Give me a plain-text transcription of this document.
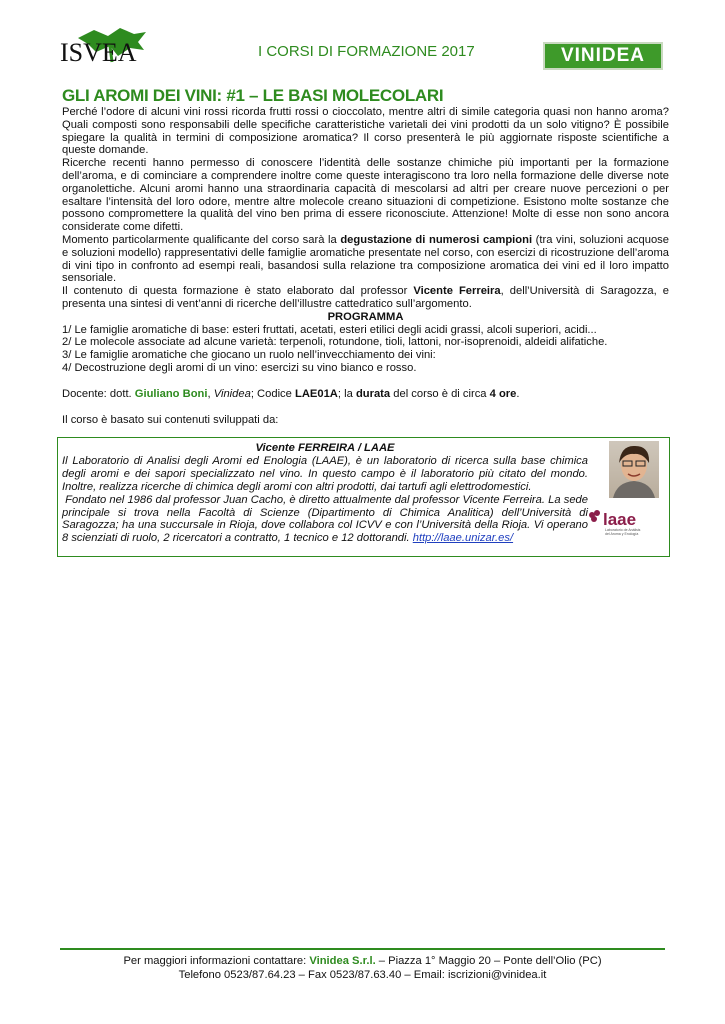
ISVEA	I CORSI DI FORMAZIONE 2017	VINIDEA
GLI AROMI DEI VINI: #1 – LE BASI MOLECOLARI

Perché l’odore di alcuni vini rossi ricorda frutti rossi o cioccolato, mentre altri di simile categoria quasi non hanno aroma? Quali composti sono responsabili delle specifiche caratteristiche varietali dei vini prodotti da un solo vitigno? È possibile spiegare la qualità in termini di composizione aromatica? Il corso presenterà le più aggiornate risposte scientifiche a queste domande.

Ricerche recenti hanno permesso di conoscere l’identità delle sostanze chimiche più importanti per la formazione dell’aroma, e di cominciare a comprendere inoltre come queste interagiscono tra loro nella formazione delle diverse note organolettiche. Alcuni aromi hanno una straordinaria capacità di mescolarsi ad altri per creare nuove percezioni o per esaltare l’intensità del loro odore, mentre altre molecole creano situazioni di competizione. Esistono molte sostanze che possono compromettere la qualità del vino ben prima di essere riconosciute. Attenzione! Molte di esse non sono ancora considerate come difetti.

Momento particolarmente qualificante del corso sarà la degustazione di numerosi campioni (tra vini, soluzioni acquose e soluzioni modello) rappresentativi delle famiglie aromatiche presentate nel corso, con esercizi di ricostruzione dell’aroma di vini tipo in confronto ad esempi reali, basandosi sulla relazione tra composizione aromatica dei vini ed il loro impatto sensoriale.

Il contenuto di questa formazione è stato elaborato dal professor Vicente Ferreira, dell’Università di Saragozza, e presenta una sintesi di vent’anni di ricerche dell’illustre cattedratico sull’argomento.

PROGRAMMA

1/ Le famiglie aromatiche di base: esteri fruttati, acetati, esteri etilici degli acidi grassi, alcoli superiori, acidi...

2/ Le molecole associate ad alcune varietà: terpenoli, rotundone, tioli, lattoni, nor-isoprenoidi, aldeidi alifatiche.

3/ Le famiglie aromatiche che giocano un ruolo nell’invecchiamento dei vini:

4/ Decostruzione degli aromi di un vino: esercizi su vino bianco e rosso.

Docente: dott. Giuliano Boni, Vinidea; Codice LAE01A; la durata del corso è di circa 4 ore.

Il corso è basato sui contenuti sviluppati da:

Vicente FERREIRA / LAAE

Il Laboratorio di Analisi degli Aromi ed Enologia (LAAE), è un laboratorio di ricerca sulla base chimica degli aromi e dei sapori specializzato nel vino. In questo campo è il laboratorio più citato del mondo. Inoltre, realizza ricerche di chimica degli aromi con altri prodotti, dai tartufi agli elettrodomestici.

Fondato nel 1986 dal professor Juan Cacho, è diretto attualmente dal professor Vicente Ferreira. La sede principale si trova nella Facoltà di Scienze (Dipartimento di Chimica Analitica) dell’Università di Saragozza; ha una succursale in Rioja, dove collabora col ICVV e con l’Università della Rioja. Vi operano 8 scienziati di ruolo, 2 ricercatori a contratto, 1 tecnico e 12 dottorandi. http://laae.unizar.es/

laae
Laboratorio de Análisis
del Aroma y Enología
Per maggiori informazioni contattare: Vinidea S.r.l. – Piazza 1° Maggio 20 – Ponte dell’Olio (PC)
Telefono 0523/87.64.23 – Fax 0523/87.63.40 – Email: iscrizioni@vinidea.it
